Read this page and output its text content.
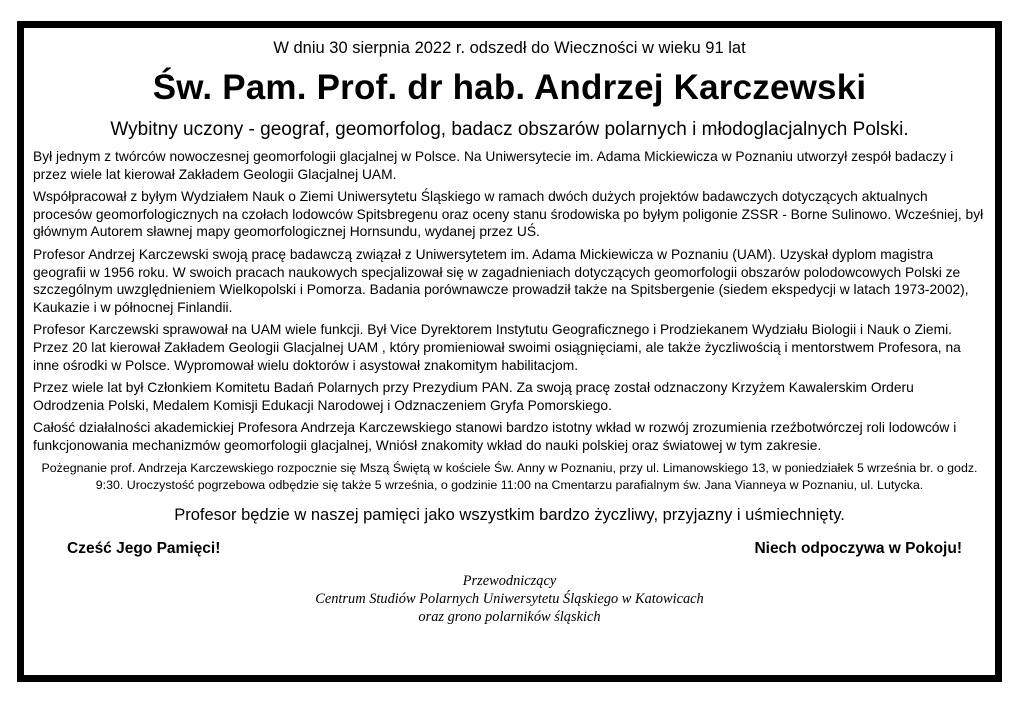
W dniu 30 sierpnia 2022 r. odszedł do Wieczności w wieku 91 lat

Św. Pam. Prof. dr hab. Andrzej Karczewski

Wybitny uczony - geograf, geomorfolog, badacz obszarów polarnych i młodoglacjalnych Polski.

Był jednym z twórców nowoczesnej geomorfologii glacjalnej w Polsce. Na Uniwersytecie im. Adama Mickiewicza w Poznaniu utworzył zespół badaczy i przez wiele lat kierował Zakładem Geologii Glacjalnej UAM.

Współpracował z byłym Wydziałem Nauk o Ziemi Uniwersytetu Śląskiego w ramach dwóch dużych projektów badawczych dotyczących aktualnych procesów geomorfologicznych na czołach lodowców Spitsbregenu oraz oceny stanu środowiska po byłym poligonie ZSSR - Borne Sulinowo. Wcześniej, był głównym Autorem sławnej mapy geomorfologicznej Hornsundu, wydanej przez UŚ.

Profesor Andrzej Karczewski swoją pracę badawczą związał z Uniwersytetem im. Adama Mickiewicza w Poznaniu (UAM). Uzyskał dyplom magistra geografii w 1956 roku. W swoich pracach naukowych specjalizował się w zagadnieniach dotyczących geomorfologii obszarów polodowcowych Polski ze szczególnym uwzględnieniem Wielkopolski i Pomorza. Badania porównawcze prowadził także na Spitsbergenie (siedem ekspedycji w latach 1973-2002), Kaukazie i w północnej Finlandii.

Profesor Karczewski sprawował na UAM wiele funkcji. Był Vice Dyrektorem Instytutu Geograficznego i Prodziekanem Wydziału Biologii i Nauk o Ziemi. Przez 20 lat kierował Zakładem Geologii Glacjalnej UAM , który promieniował swoimi osiągnięciami, ale także życzliwością i mentorstwem Profesora, na inne ośrodki w Polsce. Wypromował wielu doktorów i asystował znakomitym habilitacjom.

Przez wiele lat był Członkiem Komitetu Badań Polarnych przy Prezydium PAN. Za swoją pracę został odznaczony Krzyżem Kawalerskim Orderu Odrodzenia Polski, Medalem Komisji Edukacji Narodowej i Odznaczeniem Gryfa Pomorskiego.

Całość działalności akademickiej Profesora Andrzeja Karczewskiego stanowi bardzo istotny wkład w rozwój zrozumienia rzeźbotwórczej roli lodowców i funkcjonowania mechanizmów geomorfologii glacjalnej, Wniósł znakomity wkład do nauki polskiej oraz światowej w tym zakresie.

Pożegnanie prof. Andrzeja Karczewskiego rozpocznie się Mszą Świętą w kościele Św. Anny w Poznaniu, przy ul. Limanowskiego 13, w poniedziałek 5 września br. o godz. 9:30. Uroczystość pogrzebowa odbędzie się także 5 września, o godzinie 11:00 na Cmentarzu parafialnym św. Jana Vianneya w Poznaniu, ul. Lutycka.

Profesor będzie w naszej pamięci jako wszystkim bardzo życzliwy, przyjazny i uśmiechnięty.

Cześć Jego Pamięci!	Niech odpoczywa w Pokoju!
Przewodniczący
Centrum Studiów Polarnych Uniwersytetu Śląskiego w Katowicach
oraz grono polarników śląskich
